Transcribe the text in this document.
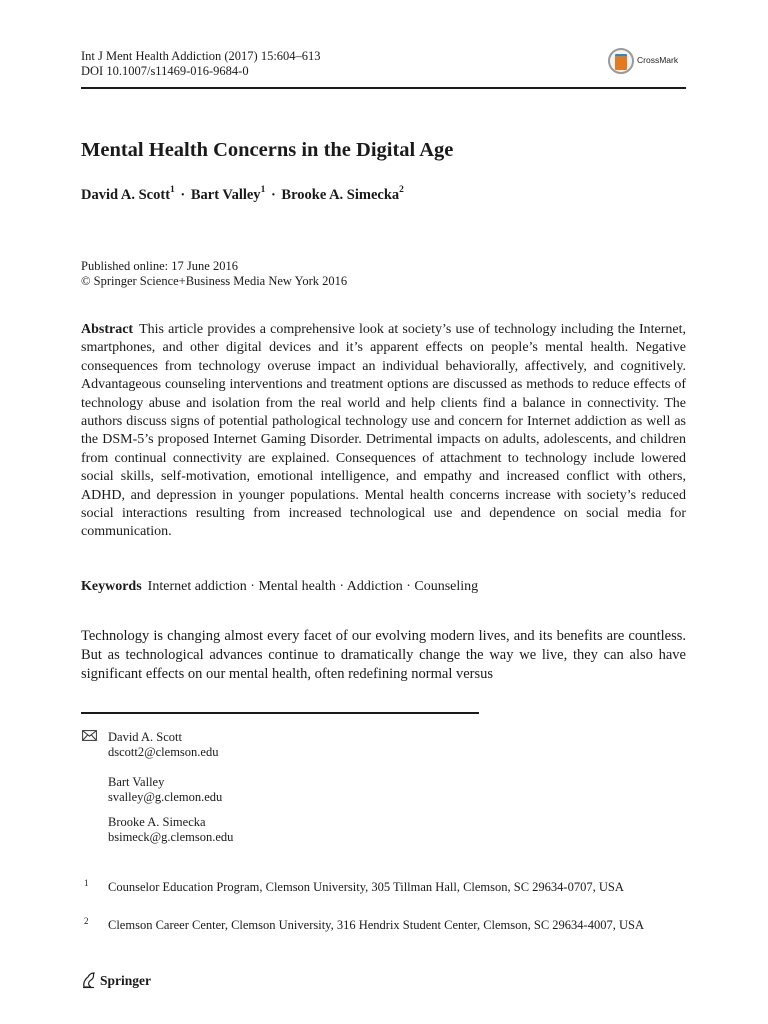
Int J Ment Health Addiction (2017) 15:604–613
DOI 10.1007/s11469-016-9684-0
CrossMark
Mental Health Concerns in the Digital Age
David A. Scott$^1$ · Bart Valley$^1$ · Brooke A. Simecka$^2$
Published online: 17 June 2016
© Springer Science+Business Media New York 2016
Abstract This article provides a comprehensive look at society’s use of technology including the Internet, smartphones, and other digital devices and it’s apparent effects on people’s mental health. Negative consequences from technology overuse impact an individual behaviorally, affectively, and cognitively. Advantageous counseling interventions and treatment options are discussed as methods to reduce effects of technology abuse and isolation from the real world and help clients find a balance in connectivity. The authors discuss signs of potential pathological technology use and concern for Internet addiction as well as the DSM-5’s proposed Internet Gaming Disorder. Detrimental impacts on adults, adolescents, and children from continual connectivity are explained. Consequences of attachment to technology include lowered social skills, self-motivation, emotional intelligence, and empathy and increased conflict with others, ADHD, and depression in younger populations. Mental health concerns increase with society’s reduced social interactions resulting from increased technological use and dependence on social media for communication.
Keywords Internet addiction · Mental health · Addiction · Counseling
Technology is changing almost every facet of our evolving modern lives, and its benefits are countless. But as technological advances continue to dramatically change the way we live, they can also have significant effects on our mental health, often redefining normal versus
David A. Scott
dscott2@clemson.edu
Bart Valley
svalley@g.clemon.edu
Brooke A. Simecka
bsimeck@g.clemson.edu
1 Counselor Education Program, Clemson University, 305 Tillman Hall, Clemson, SC 29634-0707, USA
2 Clemson Career Center, Clemson University, 316 Hendrix Student Center, Clemson, SC 29634-4007, USA
Springer
